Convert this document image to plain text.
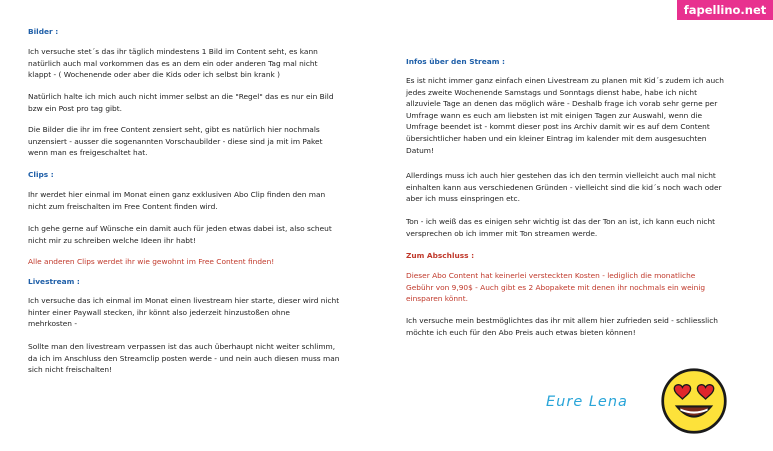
fapellino.net
Bilder :
Ich versuche stet´s das ihr täglich mindestens 1 Bild im Content seht, es kann
natürlich auch mal vorkommen das es an dem ein oder anderen Tag mal nicht
klappt - ( Wochenende oder aber die Kids oder ich selbst bin krank )
Natürlich halte ich mich auch nicht immer selbst an die "Regel" das es nur ein Bild
bzw ein Post pro tag gibt.
Die Bilder die ihr im free Content zensiert seht, gibt es natürlich hier nochmals
unzensiert - ausser die sogenannten Vorschaubilder - diese sind ja mit im Paket
wenn man es freigeschaltet hat.
Clips :
Ihr werdet hier einmal im Monat einen ganz exklusiven Abo Clip finden den man
nicht zum freischalten im Free Content finden wird.
Ich gehe gerne auf Wünsche ein damit auch für jeden etwas dabei ist, also scheut
nicht mir zu schreiben welche Ideen ihr habt!
Alle anderen Clips werdet ihr wie gewohnt im Free Content finden!
Livestream :
Ich versuche das ich einmal im Monat einen livestream hier starte, dieser wird nicht
hinter einer Paywall stecken, ihr könnt also jederzeit hinzustoßen ohne
mehrkosten -
Sollte man den livestream verpassen ist das auch überhaupt nicht weiter schlimm,
da ich im Anschluss den Streamclip posten werde - und nein auch diesen muss man
sich nicht freischalten!
Infos über den Stream :
Es ist nicht immer ganz einfach einen Livestream zu planen mit Kid´s zudem ich auch
jedes zweite Wochenende Samstags und Sonntags dienst habe, habe ich nicht
allzuviele Tage an denen das möglich wäre - Deshalb frage ich vorab sehr gerne per
Umfrage wann es euch am liebsten ist mit einigen Tagen zur Auswahl, wenn die
Umfrage beendet ist - kommt dieser post ins Archiv damit wir es auf dem Content
übersichtlicher haben und ein kleiner Eintrag im kalender mit dem ausgesuchten
Datum!
Allerdings muss ich auch hier gestehen das ich den termin vielleicht auch mal nicht
einhalten kann aus verschiedenen Gründen - vielleicht sind die kid´s noch wach oder
aber ich muss einspringen etc.
Ton - ich weiß das es einigen sehr wichtig ist das der Ton an ist, ich kann euch nicht
versprechen ob ich immer mit Ton streamen werde.
Zum Abschluss :
Dieser Abo Content hat keinerlei versteckten Kosten - lediglich die monatliche
Gebühr von 9,90$ - Auch gibt es 2 Abopakete mit denen ihr nochmals ein weinig
einsparen könnt.
Ich versuche mein bestmöglichtes das ihr mit allem hier zufrieden seid - schliesslich
möchte ich euch für den Abo Preis auch etwas bieten können!
Eure Lena
